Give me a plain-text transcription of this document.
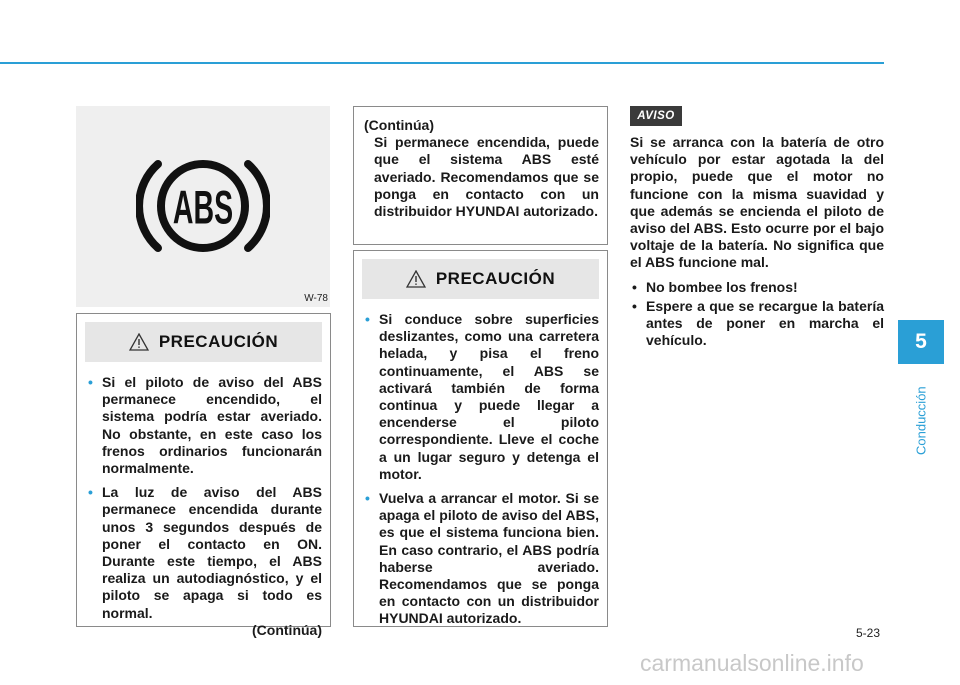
ABS
W-78
PRECAUCIÓN
• Si el piloto de aviso del ABS permanece encendido, el sistema podría estar averiado. No obstante, en este caso los frenos ordinarios funcionarán normalmente.
• La luz de aviso del ABS permanece encendida durante unos 3 segundos después de poner el contacto en ON. Durante este tiempo, el ABS realiza un autodiagnóstico, y el piloto se apaga si todo es normal.
(Continúa)
(Continúa)
Si permanece encendida, puede que el sistema ABS esté averiado. Recomendamos que se ponga en contacto con un distribuidor HYUNDAI autorizado.
PRECAUCIÓN
• Si conduce sobre superficies deslizantes, como una carretera helada, y pisa el freno continuamente, el ABS se activará también de forma continua y puede llegar a encenderse el piloto correspondiente. Lleve el coche a un lugar seguro y detenga el motor.
• Vuelva a arrancar el motor. Si se apaga el piloto de aviso del ABS, es que el sistema funciona bien. En caso contrario, el ABS podría haberse averiado. Recomendamos que se ponga en contacto con un distribuidor HYUNDAI autorizado.
AVISO
Si se arranca con la batería de otro vehículo por estar agotada la del propio, puede que el motor no funcione con la misma suavidad y que además se encienda el piloto de aviso del ABS. Esto ocurre por el bajo voltaje de la batería. No significa que el ABS funcione mal.
• No bombee los frenos!
• Espere a que se recargue la batería antes de poner en marcha el vehículo.	5
Conducción
5-23
carmanualsonline.info
